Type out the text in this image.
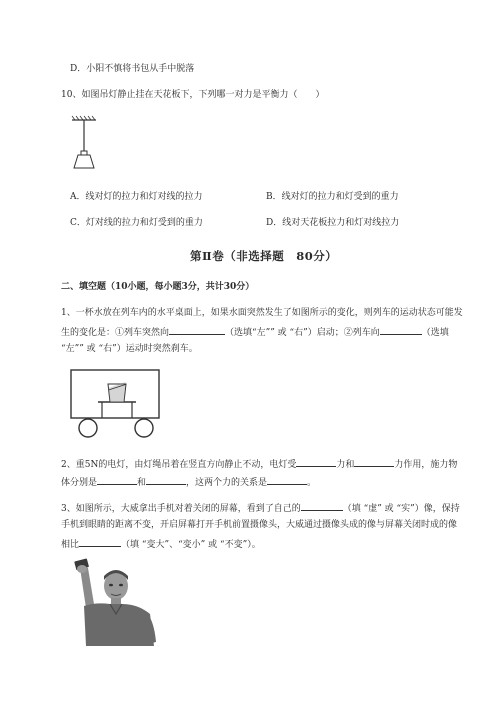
D．小阳不慎将书包从手中脱落
10、如图吊灯静止挂在天花板下，下列哪一对力是平衡力（　　）
A．线对灯的拉力和灯对线的拉力	B．线对灯的拉力和灯受到的重力
C．灯对线的拉力和灯受到的重力	D．线对天花板拉力和灯对线拉力
第Ⅱ卷（非选择题　80分）
二、填空题（10小题，每小题3分，共计30分）
1、一杯水放在列车内的水平桌面上，如果水面突然发生了如图所示的变化，则列车的运动状态可能发
生的变化是：①列车突然向	（选填“左”” 或 “右”）启动；②列车向	（选填
“左”” 或 “右”）运动时突然刹车。
2、重5N的电灯，由灯绳吊着在竖直方向静止不动，电灯受	力和	力作用，施力物
体分别是	和	，这两个力的关系是	。
3、如图所示，大威拿出手机对着关闭的屏幕，看到了自己的	（填 “虚” 或 “实”）像，保持
手机到眼睛的距离不变，开启屏幕打开手机前置摄像头，大威通过摄像头成的像与屏幕关闭时成的像
相比	（填 “变大”、“变小” 或 “不变”）。
